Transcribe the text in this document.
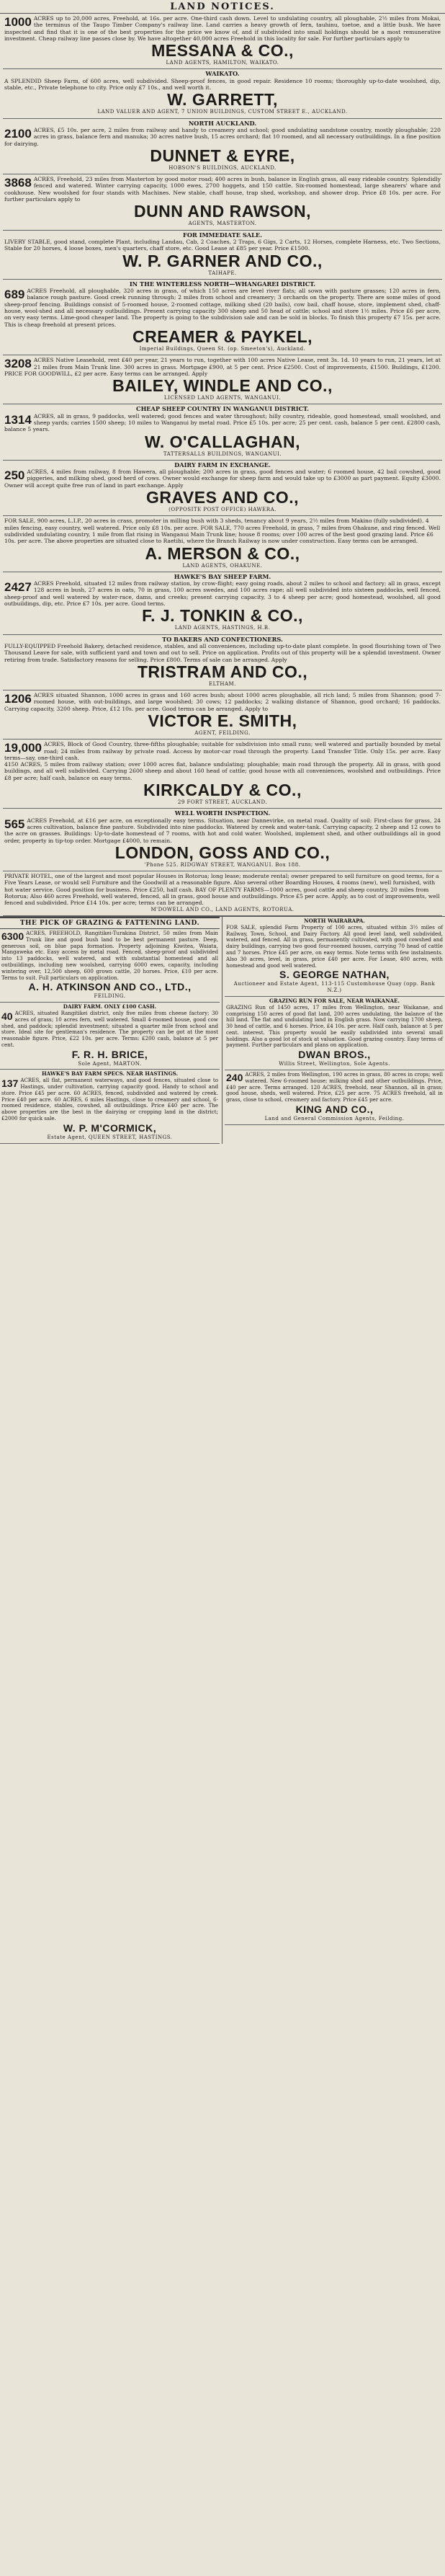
LAND NOTICES.
1000 ACRES up to 20,000 acres, Freehold, at 16s. per acre. One-third cash down. Level to undulating country, all ploughable, 2½ miles from Mokai, the terminus of the Taupo Timber Company's railway line. Land carries a heavy growth of fern, tauhinu, toetoe, and a little bush. We have inspected and find that it is one of the best properties for the price we know of, and if subdivided into small holdings should be a most remunerative investment. Cheap railway line passes close by. We have altogether 40,000 acres Freehold in this locality for sale. For further particulars apply to

MESSANA & CO.,

LAND AGENTS, HAMILTON, WAIKATO.

WAIKATO.

A SPLENDID Sheep Farm, of 600 acres, well subdivided. Sheep-proof fences, in good repair. Residence 10 rooms; thoroughly up-to-date woolshed, dip, stable, etc., Private telephone to city. Price only £7 10s., and well worth it.

W. GARRETT,

LAND VALUER AND AGENT, 7 UNION BUILDINGS, CUSTOM STREET E., AUCKLAND.

NORTH AUCKLAND.

2100 ACRES, £5 10s. per acre, 2 miles from railway and handy to creamery and school; good undulating sandstone country, mostly ploughable; 220 acres in grass, balance fern and manuka; 30 acres native bush, 15 acres orchard; flat 10 roomed, and all necessary outbuildings. In a fine position for dairying.

DUNNET & EYRE,

HOBSON'S BUILDINGS, AUCKLAND.

3868 ACRES, Freehold, 23 miles from Masterton by good motor road; 400 acres in bush, balance in English grass, all easy rideable country. Splendidly fenced and watered. Winter carrying capacity, 1000 ewes, 2700 hoggets, and 150 cattle. Six-roomed homestead, large shearers' whare and cookhouse. New woolshed for four stands with Machines. New stable, chaff house, trap shed, workshop, and shower drop. Price £8 10s. per acre. For further particulars apply to

DUNN AND RAWSON,

AGENTS, MASTERTON.

FOR IMMEDIATE SALE.

LIVERY STABLE, good stand, complete Plant, including Landau, Cab, 2 Coaches, 2 Traps, 6 Gigs, 2 Carts, 12 Horses, complete Harness, etc. Two Sections, Stable for 20 horses, 4 loose boxes, men's quarters, chaff store, etc. Good Lease at £85 per year. Price £1500.

W. P. GARNER AND CO.,

TAIHAPE.

IN THE WINTERLESS NORTH—WHANGAREI DISTRICT.

689 ACRES Freehold, all ploughable, 320 acres in grass, of which 150 acres are level river flats; all sown with pasture grasses; 120 acres in fern, balance rough pasture. Good creek running through; 2 miles from school and creamery; 3 orchards on the property. There are some miles of good sheep-proof fencing. Buildings consist of 5-roomed house, 2-roomed cottage, milking shed (20 bails), cow bail, chaff house, store, implement shed, chaff-house, wool-shed and all necessary outbuildings. Present carrying capacity 300 sheep and 50 head of cattle; school and store 1½ miles. Price £6 per acre, on very easy terms. Lime-good cheaper land. The property is going to the subdivision sale and can be sold in blocks. To finish this property £7 15s. per acre. This is cheap freehold at present prices.

CREAMER & PAYKEL,

Imperial Buildings, Queen St. (op. Smeeton's), Auckland.

3208 ACRES Native Leasehold, rent £40 per year, 21 years to run, together with 100 acres Native Lease, rent 3s. 1d. 10 years to run, 21 years, let at 21 miles from Main Trunk line. 300 acres in grass. Mortgage £900, at 5 per cent. Price £2500. Cost of improvements, £1500. Buildings, £1200. PRICE FOR GOODWILL, £2 per acre. Easy terms can be arranged. Apply

BAILEY, WINDLE AND CO.,

LICENSED LAND AGENTS, WANGANUI.

CHEAP SHEEP COUNTRY IN WANGANUI DISTRICT.

1314 ACRES, all in grass, 9 paddocks, well watered; good fences and water throughout; hilly country, rideable, good homestead, small woolshed, and sheep yards; carries 1500 sheep; 10 miles to Wanganui by metal road. Price £5 10s. per acre; 25 per cent. cash, balance 5 per cent. £2800 cash, balance 5 years.

W. O'CALLAGHAN,

TATTERSALLS BUILDINGS, WANGANUI.

DAIRY FARM IN EXCHANGE.

250 ACRES, 4 miles from railway, 8 from Hawera, all ploughable; 200 acres in grass, good fences and water; 6 roomed house, 42 bail cowshed, good piggeries, and milking shed, good herd of cows. Owner would exchange for sheep farm and would take up to £3000 as part payment. Equity £3000. Owner will accept quite free run of land in part exchange. Apply

GRAVES AND CO.,

(OPPOSITE POST OFFICE) HAWERA.

FOR SALE, 900 acres, L.I.P., 20 acres in crass, promoter in milling bush with 3 sheds, tenancy about 9 years, 2½ miles from Makino (fully subdivided). 4 miles fencing, easy country, well watered. Price only £8 10s. per acre. FOR SALE, 770 acres Freehold, in grass, 7 miles from Ohakune, and ring fenced. Well subdivided undulating country, 1 mile from flat rising in Wanganui Main Trunk line; house 8 rooms; over 100 acres of the best good grazing land. Price £6 10s. per acre. The above properties are situated close to Raetihi, where the Branch Railway is now under construction. Easy terms can be arranged.

A. MERSON & CO.,

LAND AGENTS, OHAKUNE.

HAWKE'S BAY SHEEP FARM.

2427 ACRES Freehold, situated 12 miles from railway station, by crow-flight; easy going roads, about 2 miles to school and factory; all in grass, except 128 acres in bush, 27 acres in oats, 70 in grass, 100 acres swedes, and 100 acres rape; all well subdivided into sixteen paddocks, well fenced, sheep-proof and well watered by water-race, dams, and creeks; present carrying capacity, 3 to 4 sheep per acre; good homestead, woolshed, all good outbuildings, dip, etc. Price £7 10s. per acre. Good terms.

F. J. TONKIN & CO.,

LAND AGENTS, HASTINGS, H.B.

TO BAKERS AND CONFECTIONERS.

FULLY-EQUIPPED Freehold Bakery, detached residence, stables, and all conveniences, including up-to-date plant complete. In good flourishing town of Two Thousand Leave for sale, with sufficient yard and town and out to sell. Price on application. Profits out of this property will be a splendid investment. Owner retiring from trade. Satisfactory reasons for selling. Price £800. Terms of sale can be arranged. Apply

TRISTRAM AND CO.,

ELTHAM.

1206 ACRES situated Shannon, 1000 acres in grass and 160 acres bush; about 1000 acres ploughable, all rich land; 5 miles from Shannon; good 7-roomed house, with out-buildings, and large woolshed; 30 cows; 12 paddocks; 2 walking distance of Shannon, good orchard; 16 paddocks. Carrying capacity, 3200 sheep. Price, £12 10s. per acre. Good terms can be arranged. Apply to

VICTOR E. SMITH,

AGENT, FEILDING.

19,000 ACRES, Block of Good Country, three-fifths ploughable; suitable for subdivision into small runs; well watered and partially bounded by metal road; 24 miles from railway by private road. Access by motor-car road through the property. Land Transfer Title. Only 15s. per acre. Easy terms—say, one-third cash.

4150 ACRES, 5 miles from railway station; over 1000 acres flat, balance undulating; ploughable; main road through the property. All in grass, with good buildings, and all well subdivided. Carrying 2600 sheep and about 160 head of cattle; good house with all conveniences, woolshed and outbuildings. Price £8 per acre; half cash, balance on easy terms.

KIRKCALDY & CO.,

29 FORT STREET, AUCKLAND.

WELL WORTH INSPECTION.

565 ACRES Freehold, at £16 per acre, on exceptionally easy terms. Situation, near Dannevirke, on metal road. Quality of soil: First-class for grass, 24 acres cultivation, balance fine pasture. Subdivided into nine paddocks. Watered by creek and water-tank. Carrying capacity, 2 sheep and 12 cows to the acre on grasses. Buildings: Up-to-date homestead of 7 rooms, with hot and cold water. Woolshed, implement shed, and other outbuildings all in good order, property in tip-top order. Mortgage £4000, to remain.

LONDON, GOSS AND CO.,

'Phone 525. RIDGWAY STREET, WANGANUI. Box 188.

PRIVATE HOTEL, one of the largest and most popular Houses in Rotorua; long lease; moderate rental; owner prepared to sell furniture on good terms, for a Five Years Lease, or would sell Furniture and the Goodwill at a reasonable figure. Also several other Boarding Houses, 4 rooms (new), well furnished, with hot water service. Good position for business. Price £250, half cash. BAY OF PLENTY FARMS—1000 acres, good cattle and sheep country, 20 miles from Rotorua; Also 460 acres Freehold, well watered, fenced, all in grass, good house and outbuildings. Price £5 per acre. Apply, as to cost of improvements, well fenced and subdivided. Price £14 10s. per acre; terms can be arranged.

M'DOWELL AND CO., LAND AGENTS, ROTORUA.

THE PICK OF GRAZING & FATTENING LAND.
6300 ACRES, FREEHOLD, Rangitikei-Turakina District, 50 miles from Main Trunk line and good bush land to be best permanent pasture. Deep, generous soil, on blue papa formation. Property adjoining Kiwitea, Waiata, Mangaweka etc. Easy access by metal road. Fenced, sheep-proof and subdivided into 13 paddocks, well watered, and with substantial homestead and all outbuildings, including new woolshed, carrying 6000 ewes, capacity, including wintering over, 12,500 sheep, 600 grown cattle, 20 horses. Price, £10 per acre. Terms to suit. Full particulars on application.

A. H. ATKINSON AND CO., LTD.,

FEILDING.

DAIRY FARM. ONLY £100 CASH.

40 ACRES, situated Rangitikei district, only five miles from cheese factory; 30 acres of grass; 10 acres fern, well watered. Small 4-roomed house, good cow shed, and paddock; splendid investment; situated a quarter mile from school and store. Ideal site for gentleman's residence. The property can be got at the most reasonable figure. Price, £22 10s. per acre. Terms: £200 cash, balance at 5 per cent.

F. R. H. BRICE,

Sole Agent, MARTON.

HAWKE'S BAY FARM SPECS. NEAR HASTINGS.

137 ACRES, all flat, permanent waterways, and good fences, situated close to Hastings, under cultivation, carrying capacity good. Handy to school and store. Price £45 per acre. 60 ACRES, fenced, subdivided and watered by creek. Price £40 per acre. 60 ACRES, 6 miles Hastings, close to creamery and school, 6-roomed residence, stables, cowshed, all outbuildings. Price £40 per acre. The above properties are the best in the dairying or cropping land in the district; £2000 for quick sale.

W. P. M'CORMICK,

Estate Agent, QUEEN STREET, HASTINGS.

NORTH WAIRARAPA.

FOR SALE, splendid Farm Property of 100 acres, situated within 3½ miles of Railway, Town, School, and Dairy Factory. All good level land, well subdivided, watered, and fenced. All in grass, permanently cultivated, with good cowshed and dairy buildings, carrying two good four-roomed houses, carrying 70 head of cattle and 7 horses. Price £45 per acre, on easy terms. Note terms with few instalments. Also 30 acres, level, in grass, price £40 per acre. For Lease, 400 acres, with homestead and good well watered.

S. GEORGE NATHAN,

Auctioneer and Estate Agent, 113-115 Customhouse Quay (opp. Bank N.Z.)

GRAZING RUN FOR SALE, NEAR WAIKANAE.

GRAZING Run of 1450 acres, 17 miles from Wellington, near Waikanae, and comprising 150 acres of good flat land, 200 acres undulating, the balance of the hill land. The flat and undulating land in English grass. Now carrying 1700 sheep, 30 head of cattle, and 6 horses. Price, £4 10s. per acre. Half cash, balance at 5 per cent. interest. This property would be easily subdivided into several small holdings. Also a good lot of stock at valuation. Good grazing country. Easy terms of payment. Further particulars and plans on application.

DWAN BROS.,

Willis Street, Wellington, Sole Agents.

240 ACRES, 2 miles from Wellington, 190 acres in grass, 80 acres in crops; well watered. New 6-roomed house; milking shed and other outbuildings. Price, £40 per acre. Terms arranged. 120 ACRES, freehold, near Shannon, all in grass; good house, sheds, well watered. Price, £25 per acre. 75 ACRES freehold, all in grass, close to school, creamery and factory. Price £45 per acre.

KING AND CO.,

Land and General Commission Agents, Feilding.
